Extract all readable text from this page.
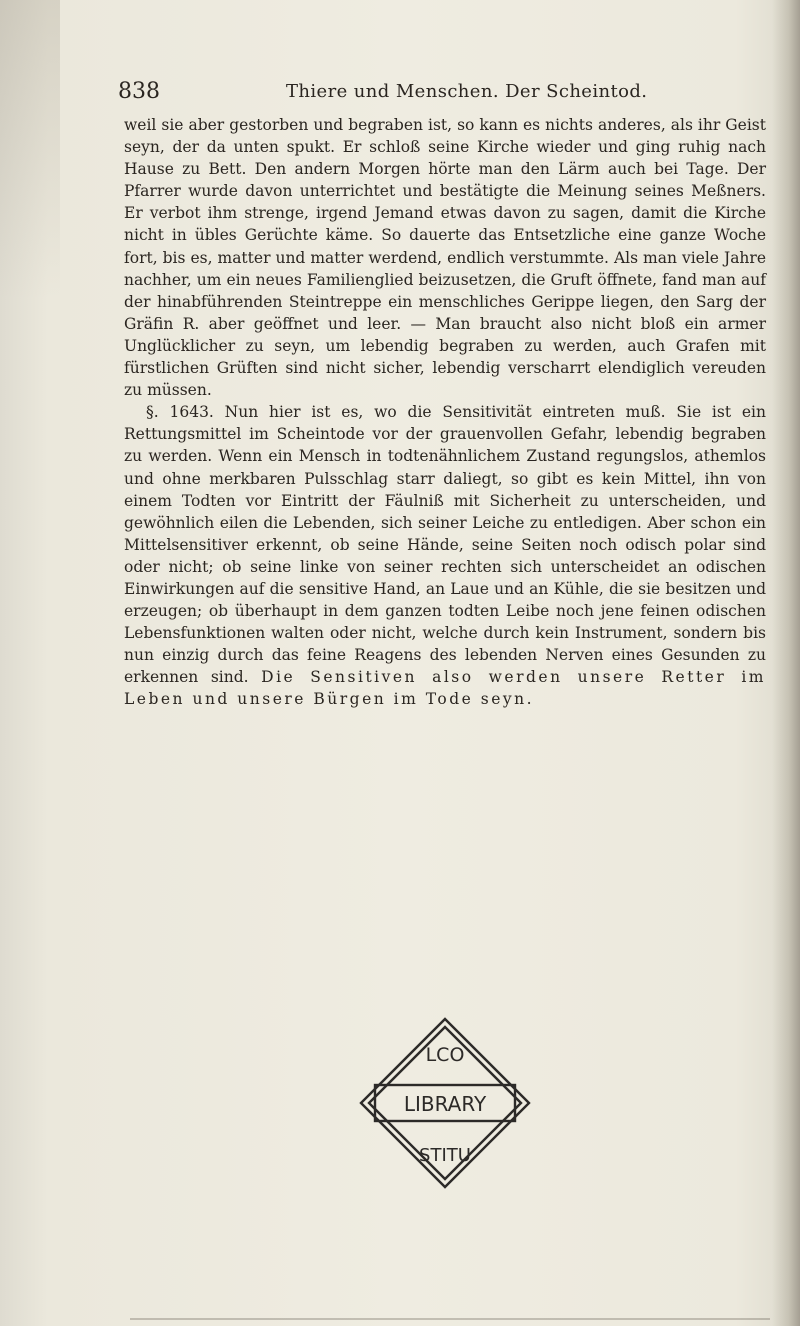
838	Thiere und Menschen. Der Scheintod.

weil sie aber gestorben und begraben ist, so kann es nichts anderes, als ihr Geist seyn, der da unten spukt. Er schloß seine Kirche wieder und ging ruhig nach Hause zu Bett. Den andern Morgen hörte man den Lärm auch bei Tage. Der Pfarrer wurde davon unterrichtet und bestätigte die Meinung seines Meßners. Er verbot ihm strenge, irgend Jemand etwas davon zu sagen, damit die Kirche nicht in übles Gerüchte käme. So dauerte das Entsetzliche eine ganze Woche fort, bis es, matter und matter werdend, endlich verstummte. Als man viele Jahre nachher, um ein neues Familienglied beizusetzen, die Gruft öffnete, fand man auf der hinabführenden Steintreppe ein menschliches Gerippe liegen, den Sarg der Gräfin R. aber geöffnet und leer. — Man braucht also nicht bloß ein armer Unglücklicher zu seyn, um lebendig begraben zu werden, auch Grafen mit fürstlichen Grüften sind nicht sicher, lebendig verscharrt elendiglich vereuden zu müssen.

§. 1643. Nun hier ist es, wo die Sensitivität eintreten muß. Sie ist ein Rettungsmittel im Scheintode vor der grauenvollen Gefahr, lebendig begraben zu werden. Wenn ein Mensch in todtenähnlichem Zustand regungslos, athemlos und ohne merkbaren Pulsschlag starr daliegt, so gibt es kein Mittel, ihn von einem Todten vor Eintritt der Fäulniß mit Sicherheit zu unterscheiden, und gewöhnlich eilen die Lebenden, sich seiner Leiche zu entledigen. Aber schon ein Mittelsensitiver erkennt, ob seine Hände, seine Seiten noch odisch polar sind oder nicht; ob seine linke von seiner rechten sich unterscheidet an odischen Einwirkungen auf die sensitive Hand, an Laue und an Kühle, die sie besitzen und erzeugen; ob überhaupt in dem ganzen todten Leibe noch jene feinen odischen Lebensfunktionen walten oder nicht, welche durch kein Instrument, sondern bis nun einzig durch das feine Reagens des lebenden Nerven eines Gesunden zu erkennen sind. Die Sensitiven also werden unsere Retter im Leben und unsere Bürgen im Tode seyn.

LCO
LIBRARY
STITU
